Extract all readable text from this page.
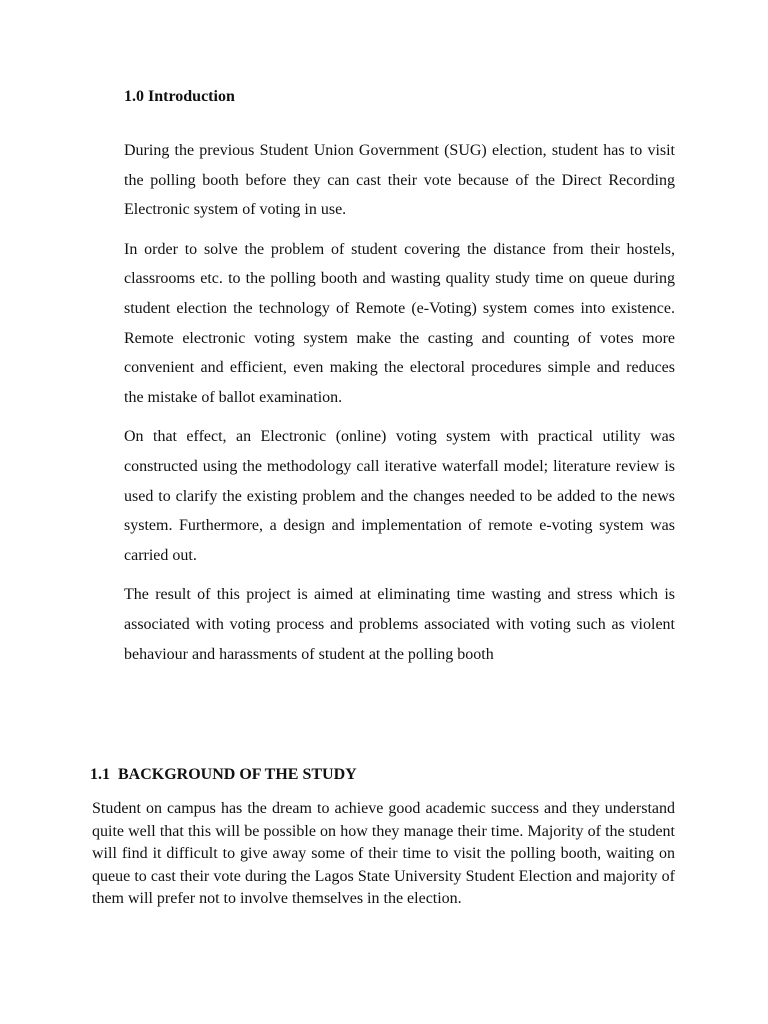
1.0 Introduction

During the previous Student Union Government (SUG) election, student has to visit the polling booth before they can cast their vote because of the Direct Recording Electronic system of voting in use.

In order to solve the problem of student covering the distance from their hostels, classrooms etc. to the polling booth and wasting quality study time on queue during student election the technology of Remote (e-Voting) system comes into existence. Remote electronic voting system make the casting and counting of votes more convenient and efficient, even making the electoral procedures simple and reduces the mistake of ballot examination.

On that effect, an Electronic (online) voting system with practical utility was constructed using the methodology call iterative waterfall model; literature review is used to clarify the existing problem and the changes needed to be added to the news system. Furthermore, a design and implementation of remote e-voting system was carried out.

The result of this project is aimed at eliminating time wasting and stress which is associated with voting process and problems associated with voting such as violent behaviour and harassments of student at the polling booth

1.1  BACKGROUND OF THE STUDY

Student on campus has the dream to achieve good academic success and they understand quite well that this will be possible on how they manage their time. Majority of the student will find it difficult to give away some of their time to visit the polling booth, waiting on queue to cast their vote during the Lagos State University Student Election and majority of them will prefer not to involve themselves in the election.
